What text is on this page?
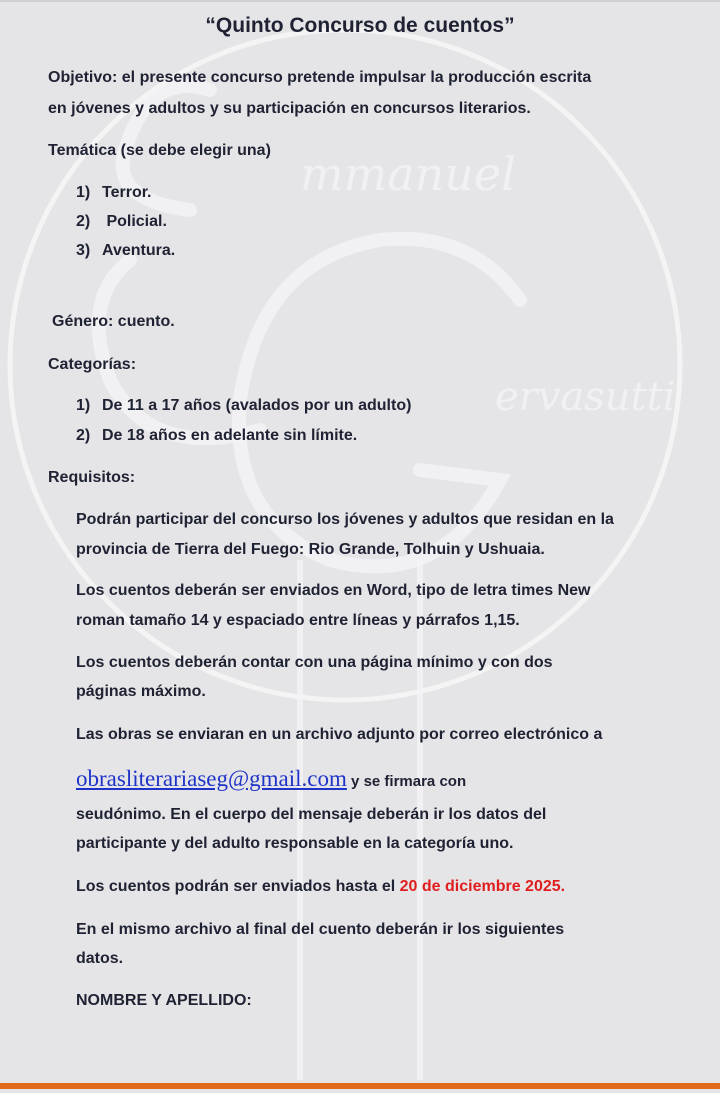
mmanuel
ervasutti
“Quinto Concurso de cuentos”
Objetivo: el presente concurso pretende impulsar la producción escrita
en jóvenes y adultos y su participación en concursos literarios.
Temática (se debe elegir una)
1) Terror.
2) Policial.
3) Aventura.
Género: cuento.
Categorías:
1) De 11 a 17 años (avalados por un adulto)
2) De 18 años en adelante sin límite.
Requisitos:
Podrán participar del concurso los jóvenes y adultos que residan en la
provincia de Tierra del Fuego: Rio Grande, Tolhuin y Ushuaia.
Los cuentos deberán ser enviados en Word, tipo de letra times New
roman tamaño 14 y espaciado entre líneas y párrafos 1,15.
Los cuentos deberán contar con una página mínimo y con dos
páginas máximo.
Las obras se enviaran en un archivo adjunto por correo electrónico a
obrasliterariaseg@gmail.com y se firmara con
seudónimo. En el cuerpo del mensaje deberán ir los datos del
participante y del adulto responsable en la categoría uno.
Los cuentos podrán ser enviados hasta el 20 de diciembre 2025.
En el mismo archivo al final del cuento deberán ir los siguientes
datos.
NOMBRE Y APELLIDO:
